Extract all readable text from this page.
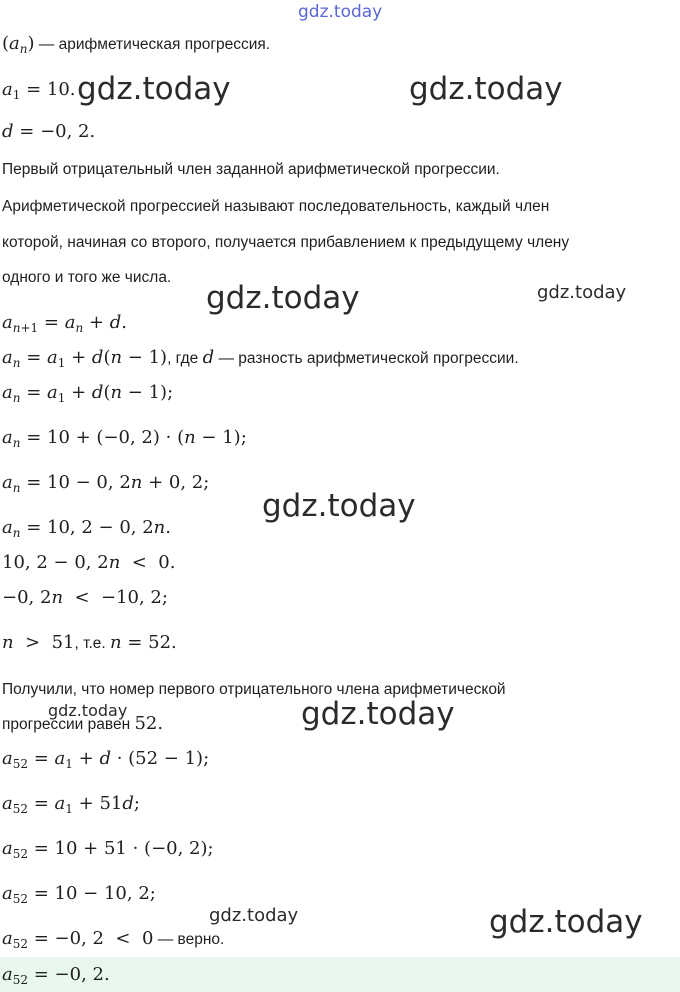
gdz.today
gdz.today	gdz.today
gdz.today	gdz.today
gdz.today
gdz.today
gdz.today
gdz.today	gdz.today
$(a_n)$ — арифметическая прогрессия.
$a_1 = 10$.
d = −0, 2.
Первый отрицательный член заданной арифметической прогрессии.
Арифметической прогрессией называют последовательность, каждый член
которой, начиная со второго, получается прибавлением к предыдущему члену
одного и того же числа.
$a_{n+1} = a_n + d$.
$a_n = a_1 + d(n - 1)$, где d — разность арифметической прогрессии.
$a_n = a_1 + d(n - 1)$;
$a_n = 10 + (-0$, 2) · (n − 1);
$a_n = 10 - 0$, 2n + 0, 2;
$a_n = 10$, 2 − 0, 2n.
10, 2 − 0, 2n  <  0.
−0, 2n  <  −10, 2;
n  >  51, т.е. n = 52.
Получили, что номер первого отрицательного члена арифметической
прогрессии равен 52.
$a_{52} = a_1 + d \cdot (52 - 1)$;
$a_{52} = a_1 + 51d$;
$a_{52} = 10 + 51 \cdot (-0$, 2);
$a_{52} = 10 - 10$, 2;
$a_{52} = -0$, 2  <  0 — верно.
$a_{52} = -0$, 2.
